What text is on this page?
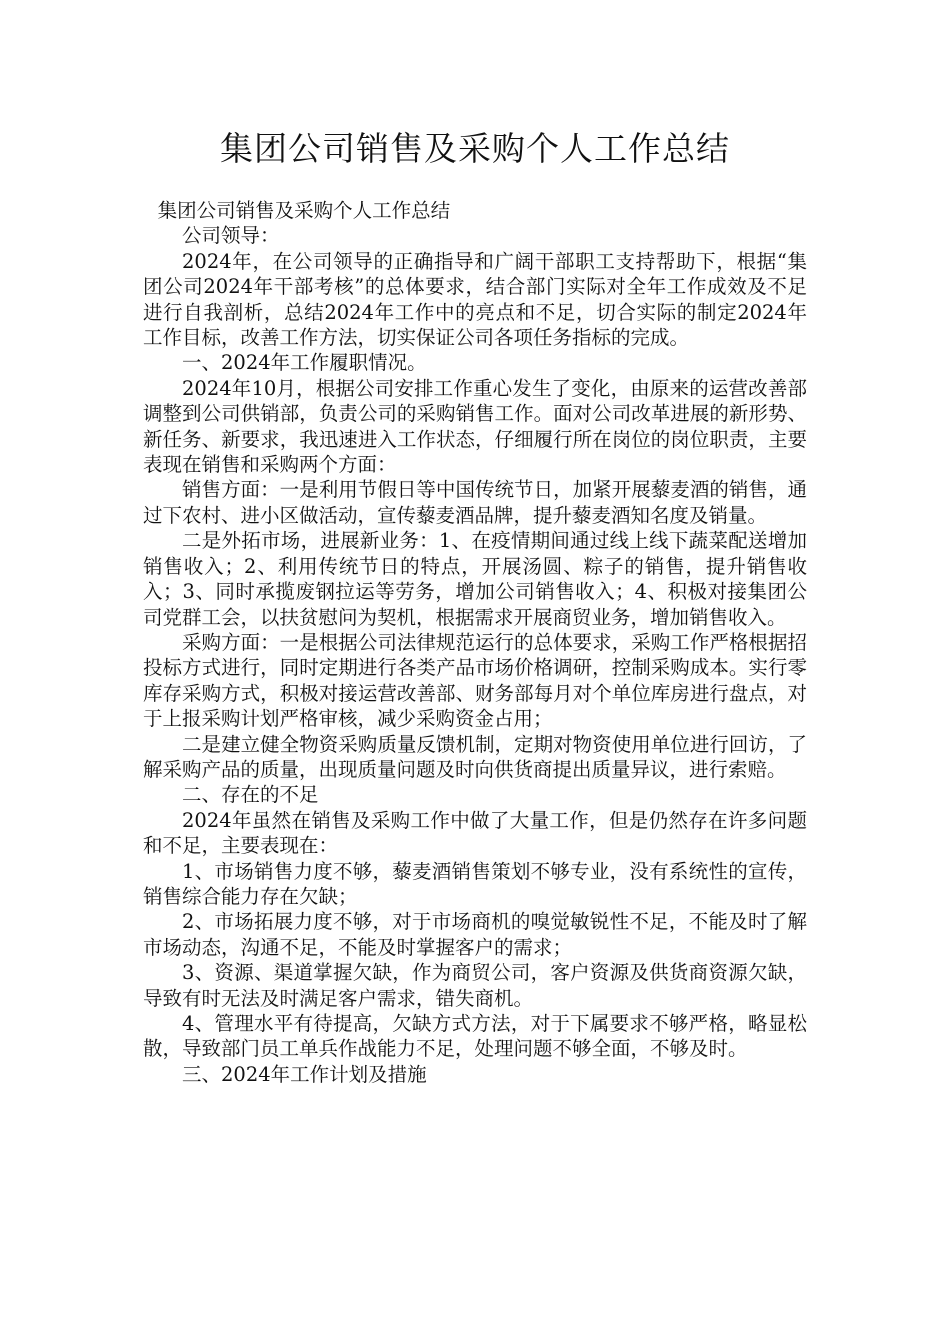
集团公司销售及采购个人工作总结

集团公司销售及采购个人工作总结

公司领导：

2024年，在公司领导的正确指导和广阔干部职工支持帮助下，根据“集团公司2024年干部考核”的总体要求，结合部门实际对全年工作成效及不足进行自我剖析，总结2024年工作中的亮点和不足，切合实际的制定2024年工作目标，改善工作方法，切实保证公司各项任务指标的完成。

一、2024年工作履职情况。

2024年10月，根据公司安排工作重心发生了变化，由原来的运营改善部调整到公司供销部，负责公司的采购销售工作。面对公司改革进展的新形势、新任务、新要求，我迅速进入工作状态，仔细履行所在岗位的岗位职责，主要表现在销售和采购两个方面：

销售方面：一是利用节假日等中国传统节日，加紧开展藜麦酒的销售，通过下农村、进小区做活动，宣传藜麦酒品牌，提升藜麦酒知名度及销量。

二是外拓市场，进展新业务：1、在疫情期间通过线上线下蔬菜配送增加销售收入；2、利用传统节日的特点，开展汤圆、粽子的销售，提升销售收入；3、同时承揽废钢拉运等劳务，增加公司销售收入；4、积极对接集团公司党群工会，以扶贫慰问为契机，根据需求开展商贸业务，增加销售收入。

采购方面：一是根据公司法律规范运行的总体要求，采购工作严格根据招投标方式进行，同时定期进行各类产品市场价格调研，控制采购成本。实行零库存采购方式，积极对接运营改善部、财务部每月对个单位库房进行盘点，对于上报采购计划严格审核，减少采购资金占用；

二是建立健全物资采购质量反馈机制，定期对物资使用单位进行回访，了解采购产品的质量，出现质量问题及时向供货商提出质量异议，进行索赔。

二、存在的不足

2024年虽然在销售及采购工作中做了大量工作，但是仍然存在许多问题和不足，主要表现在：

1、市场销售力度不够，藜麦酒销售策划不够专业，没有系统性的宣传，销售综合能力存在欠缺；

2、市场拓展力度不够，对于市场商机的嗅觉敏锐性不足，不能及时了解市场动态，沟通不足，不能及时掌握客户的需求；

3、资源、渠道掌握欠缺，作为商贸公司，客户资源及供货商资源欠缺，导致有时无法及时满足客户需求，错失商机。

4、管理水平有待提高，欠缺方式方法，对于下属要求不够严格，略显松散，导致部门员工单兵作战能力不足，处理问题不够全面，不够及时。

三、2024年工作计划及措施
